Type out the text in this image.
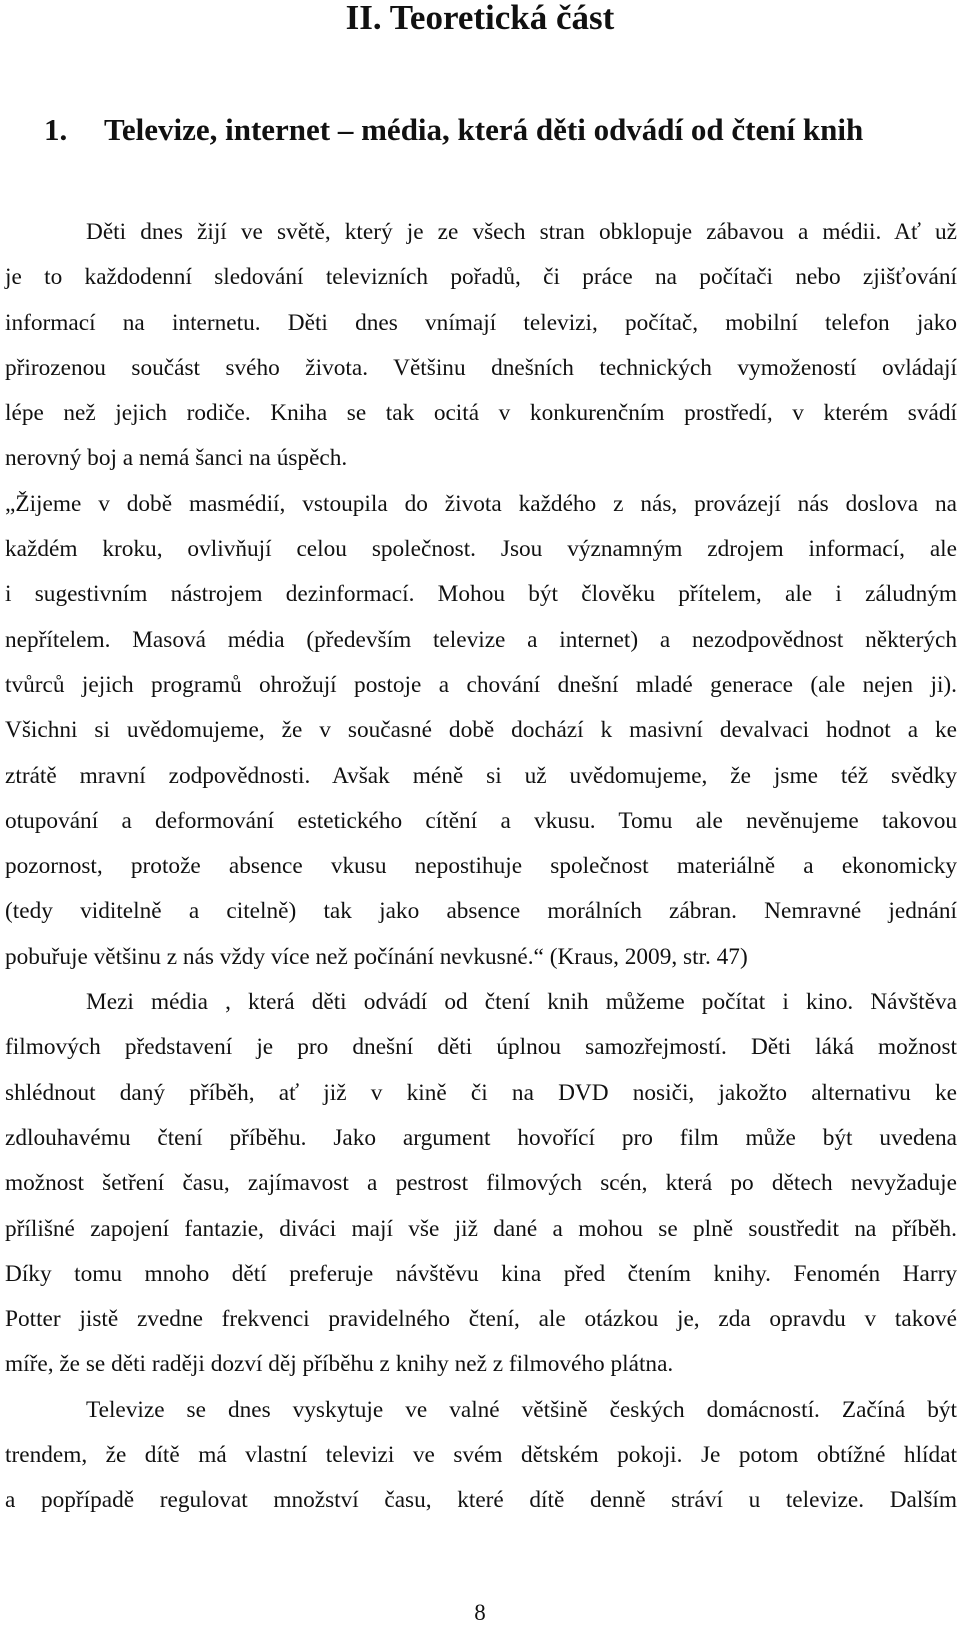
II. Teoretická část
1. Televize, internet – média, která děti odvádí od čtení knih
Děti dnes žijí ve světě, který je ze všech stran obklopuje zábavou a médii. Ať už
je to každodenní sledování televizních pořadů, či práce na počítači nebo zjišťování
informací na internetu. Děti dnes vnímají televizi, počítač, mobilní telefon jako
přirozenou součást svého života. Většinu dnešních technických vymožeností ovládají
lépe než jejich rodiče. Kniha se tak ocitá v konkurenčním prostředí, v kterém svádí
nerovný boj a nemá šanci na úspěch.
„Žijeme v době masmédií, vstoupila do života každého z nás, provázejí nás doslova na
každém kroku, ovlivňují celou společnost. Jsou významným zdrojem informací, ale
i sugestivním nástrojem dezinformací. Mohou být člověku přítelem, ale i záludným
nepřítelem. Masová média (především televize a internet) a nezodpovědnost některých
tvůrců jejich programů ohrožují postoje a chování dnešní mladé generace (ale nejen ji).
Všichni si uvědomujeme, že v současné době dochází k masivní devalvaci hodnot a ke
ztrátě mravní zodpovědnosti. Avšak méně si už uvědomujeme, že jsme též svědky
otupování a deformování estetického cítění a vkusu. Tomu ale nevěnujeme takovou
pozornost, protože absence vkusu nepostihuje společnost materiálně a ekonomicky
(tedy viditelně a citelně) tak jako absence morálních zábran. Nemravné jednání
pobuřuje většinu z nás vždy více než počínání nevkusné.“ (Kraus, 2009, str. 47)
Mezi média , která děti odvádí od čtení knih můžeme počítat i kino. Návštěva
filmových představení je pro dnešní děti úplnou samozřejmostí. Děti láká možnost
shlédnout daný příběh, ať již v kině či na DVD nosiči, jakožto alternativu ke
zdlouhavému čtení příběhu. Jako argument hovořící pro film může být uvedena
možnost šetření času, zajímavost a pestrost filmových scén, která po dětech nevyžaduje
přílišné zapojení fantazie, diváci mají vše již dané a mohou se plně soustředit na příběh.
Díky tomu mnoho dětí preferuje návštěvu kina před čtením knihy. Fenomén Harry
Potter jistě zvedne frekvenci pravidelného čtení, ale otázkou je, zda opravdu v takové
míře, že se děti raději dozví děj příběhu z knihy než z filmového plátna.
Televize se dnes vyskytuje ve valné většině českých domácností. Začíná být
trendem, že dítě má vlastní televizi ve svém dětském pokoji. Je potom obtížné hlídat
a popřípadě regulovat množství času, které dítě denně stráví u televize. Dalším
8
